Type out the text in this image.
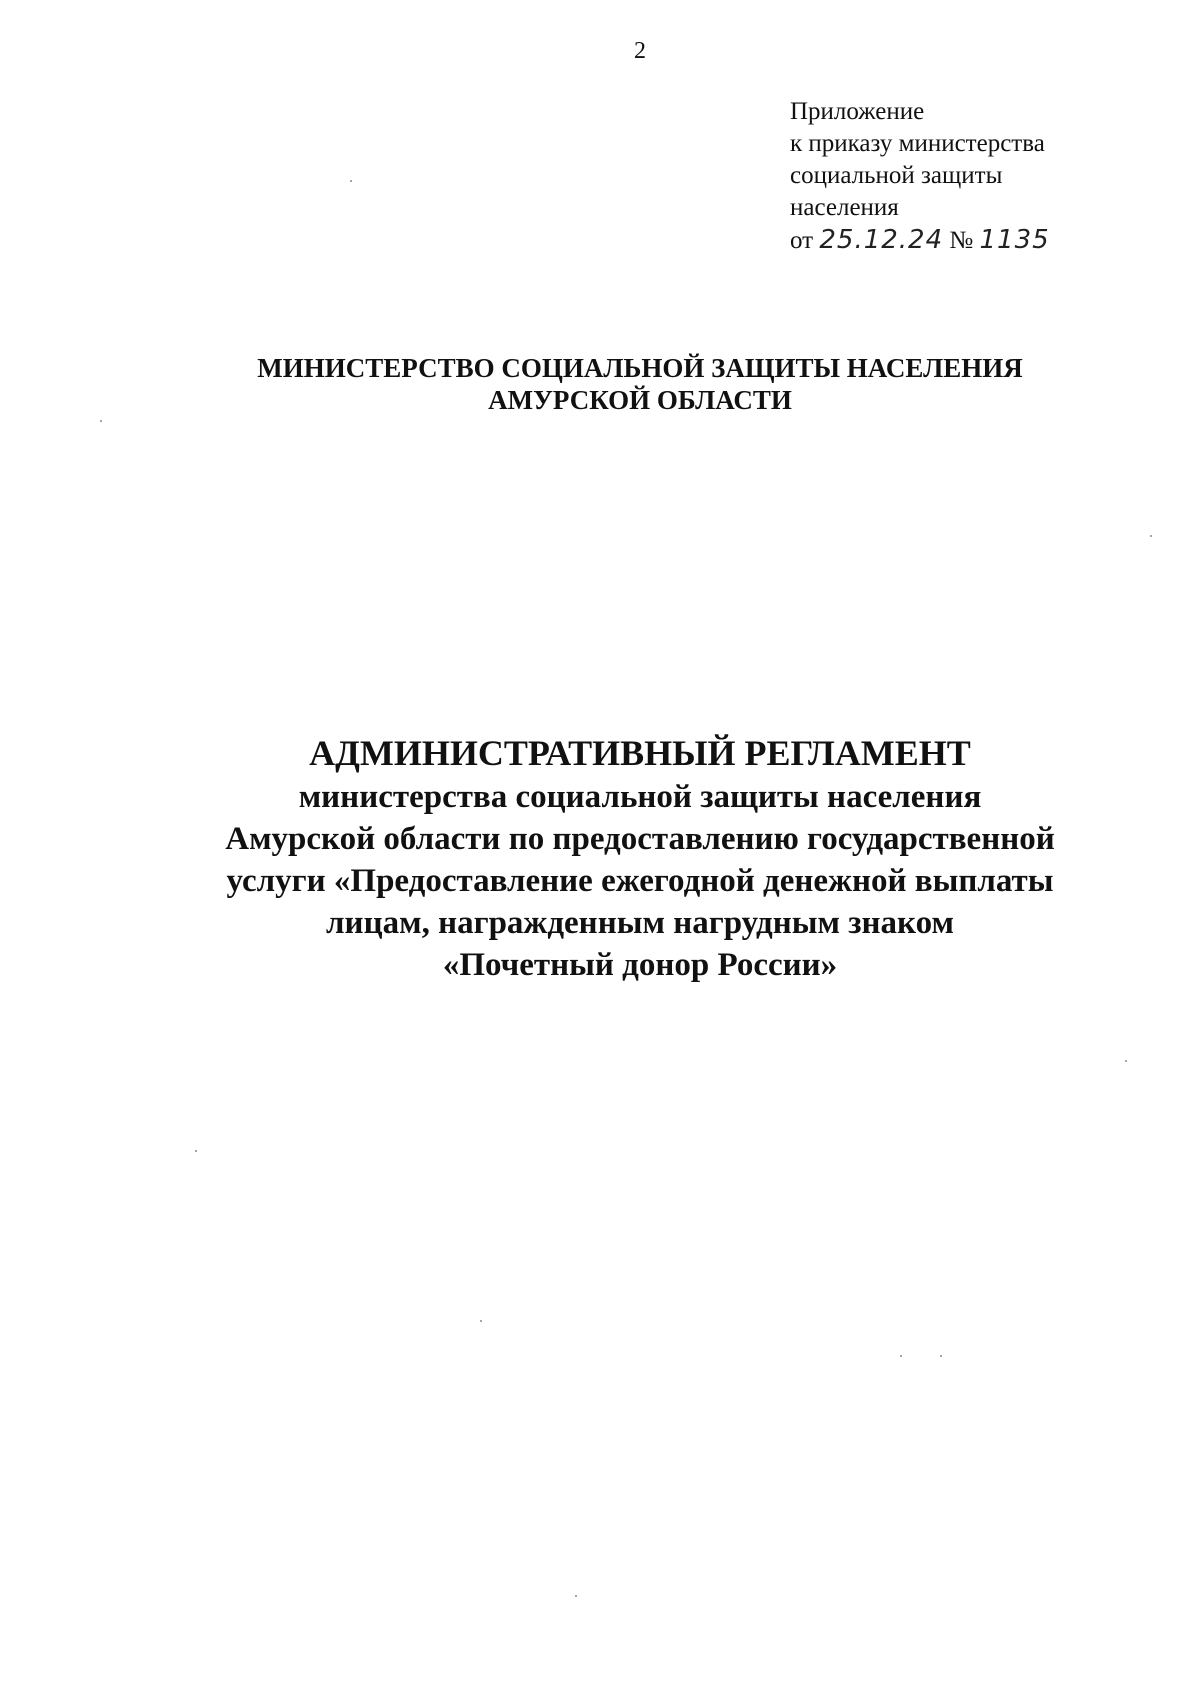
2
Приложение
к приказу министерства
социальной защиты
населения
от 25.12.24 № 1135
МИНИСТЕРСТВО СОЦИАЛЬНОЙ ЗАЩИТЫ НАСЕЛЕНИЯ
АМУРСКОЙ ОБЛАСТИ
АДМИНИСТРАТИВНЫЙ РЕГЛАМЕНТ
министерства социальной защиты населения
Амурской области по предоставлению государственной
услуги «Предоставление ежегодной денежной выплаты
лицам, награжденным нагрудным знаком
«Почетный донор России»
